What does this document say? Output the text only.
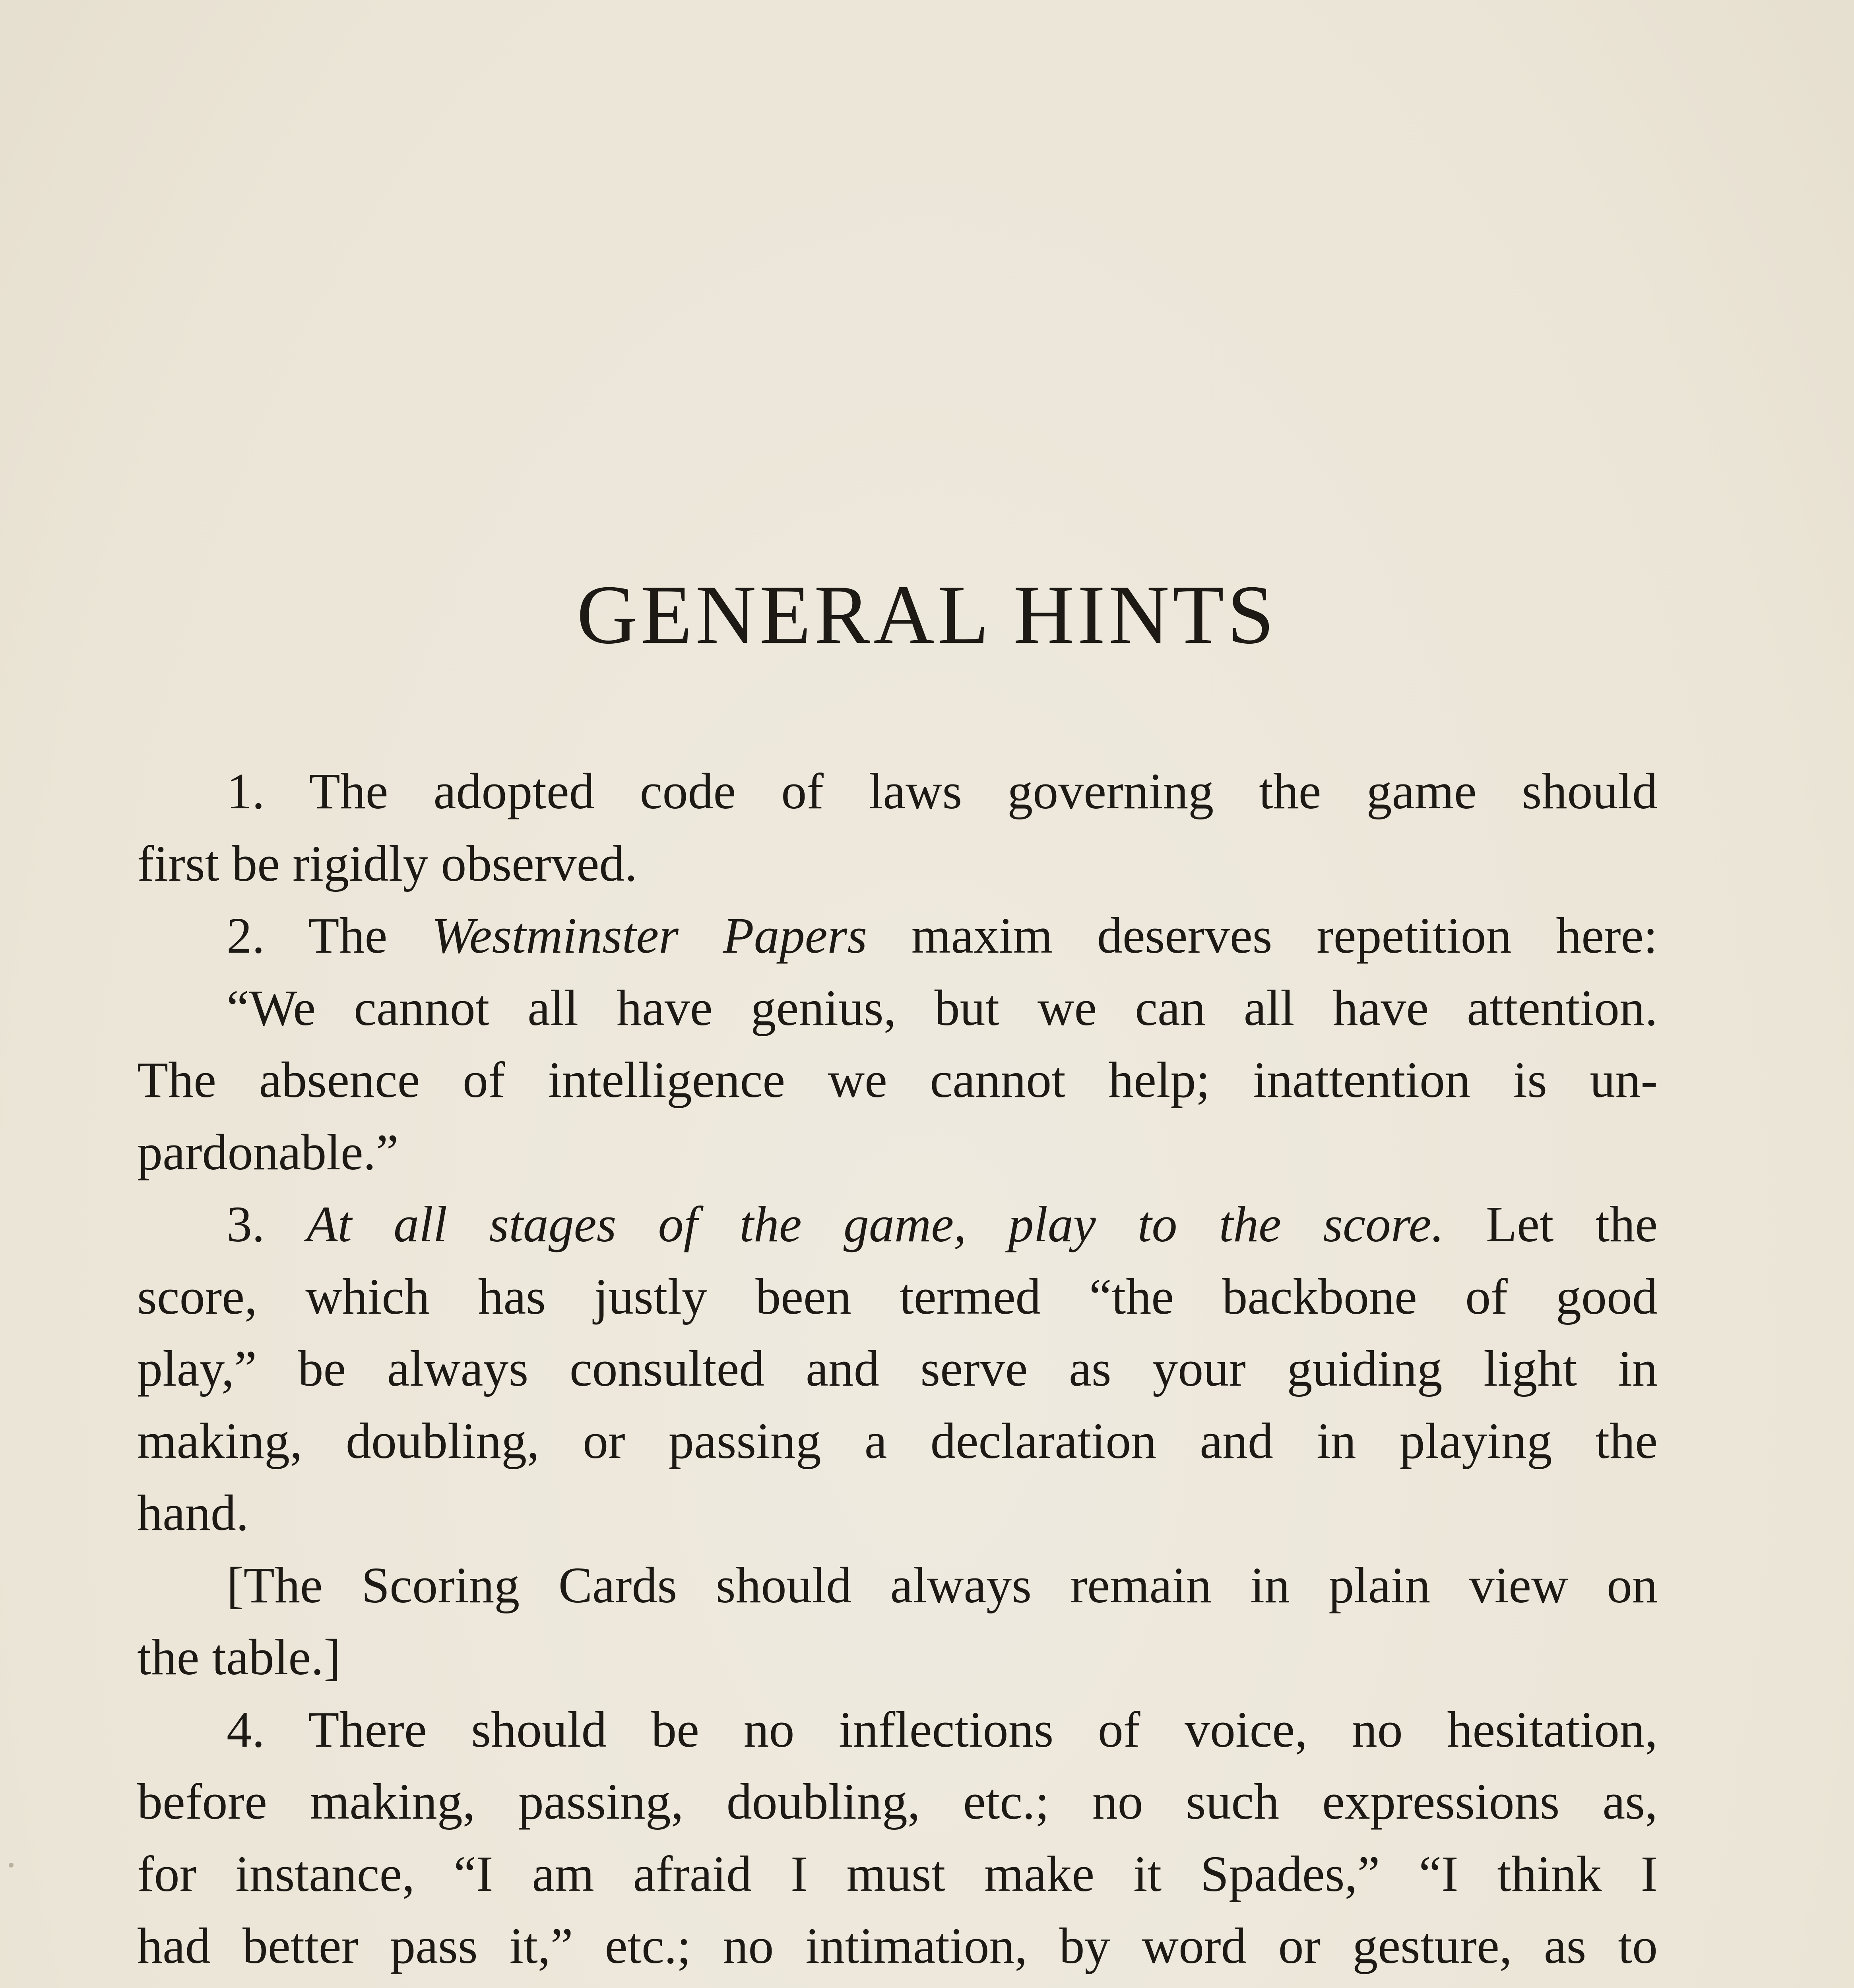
GENERAL HINTS
1. The adopted code of laws governing the game should
first be rigidly observed.
2. The Westminster Papers maxim deserves repetition here:
“We cannot all have genius, but we can all have attention.
The absence of intelligence we cannot help; inattention is un-
pardonable.”
3. At all stages of the game, play to the score. Let the
score, which has justly been termed “the backbone of good
play,” be always consulted and serve as your guiding light in
making, doubling, or passing a declaration and in playing the
hand.
[The Scoring Cards should always remain in plain view on
the table.]
4. There should be no inflections of voice, no hesitation,
before making, passing, doubling, etc.; no such expressions as,
for instance, “I am afraid I must make it Spades,” “I think I
had better pass it,” etc.; no intimation, by word or gesture, as to
